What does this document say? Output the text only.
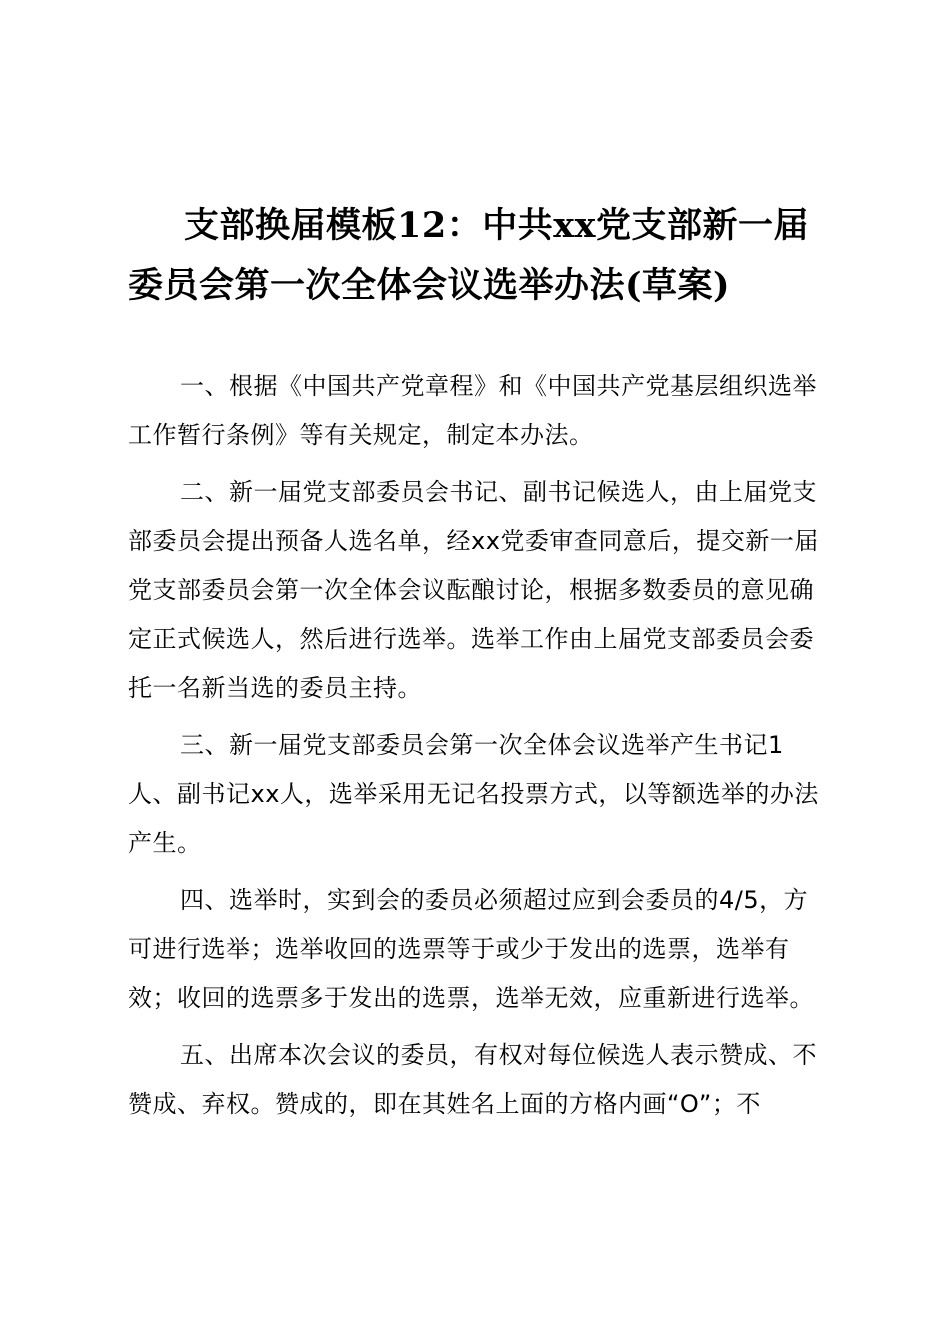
支部换届模板12：中共xx党支部新一届委员会第一次全体会议选举办法(草案)

一、根据《中国共产党章程》和《中国共产党基层组织选举工作暂行条例》等有关规定，制定本办法。

二、新一届党支部委员会书记、副书记候选人，由上届党支部委员会提出预备人选名单，经xx党委审查同意后，提交新一届党支部委员会第一次全体会议酝酿讨论，根据多数委员的意见确定正式候选人，然后进行选举。选举工作由上届党支部委员会委托一名新当选的委员主持。

三、新一届党支部委员会第一次全体会议选举产生书记1人、副书记xx人，选举采用无记名投票方式，以等额选举的办法产生。

四、选举时，实到会的委员必须超过应到会委员的4/5，方可进行选举；选举收回的选票等于或少于发出的选票，选举有效；收回的选票多于发出的选票，选举无效，应重新进行选举。

五、出席本次会议的委员，有权对每位候选人表示赞成、不赞成、弃权。赞成的，即在其姓名上面的方格内画“O”；不
